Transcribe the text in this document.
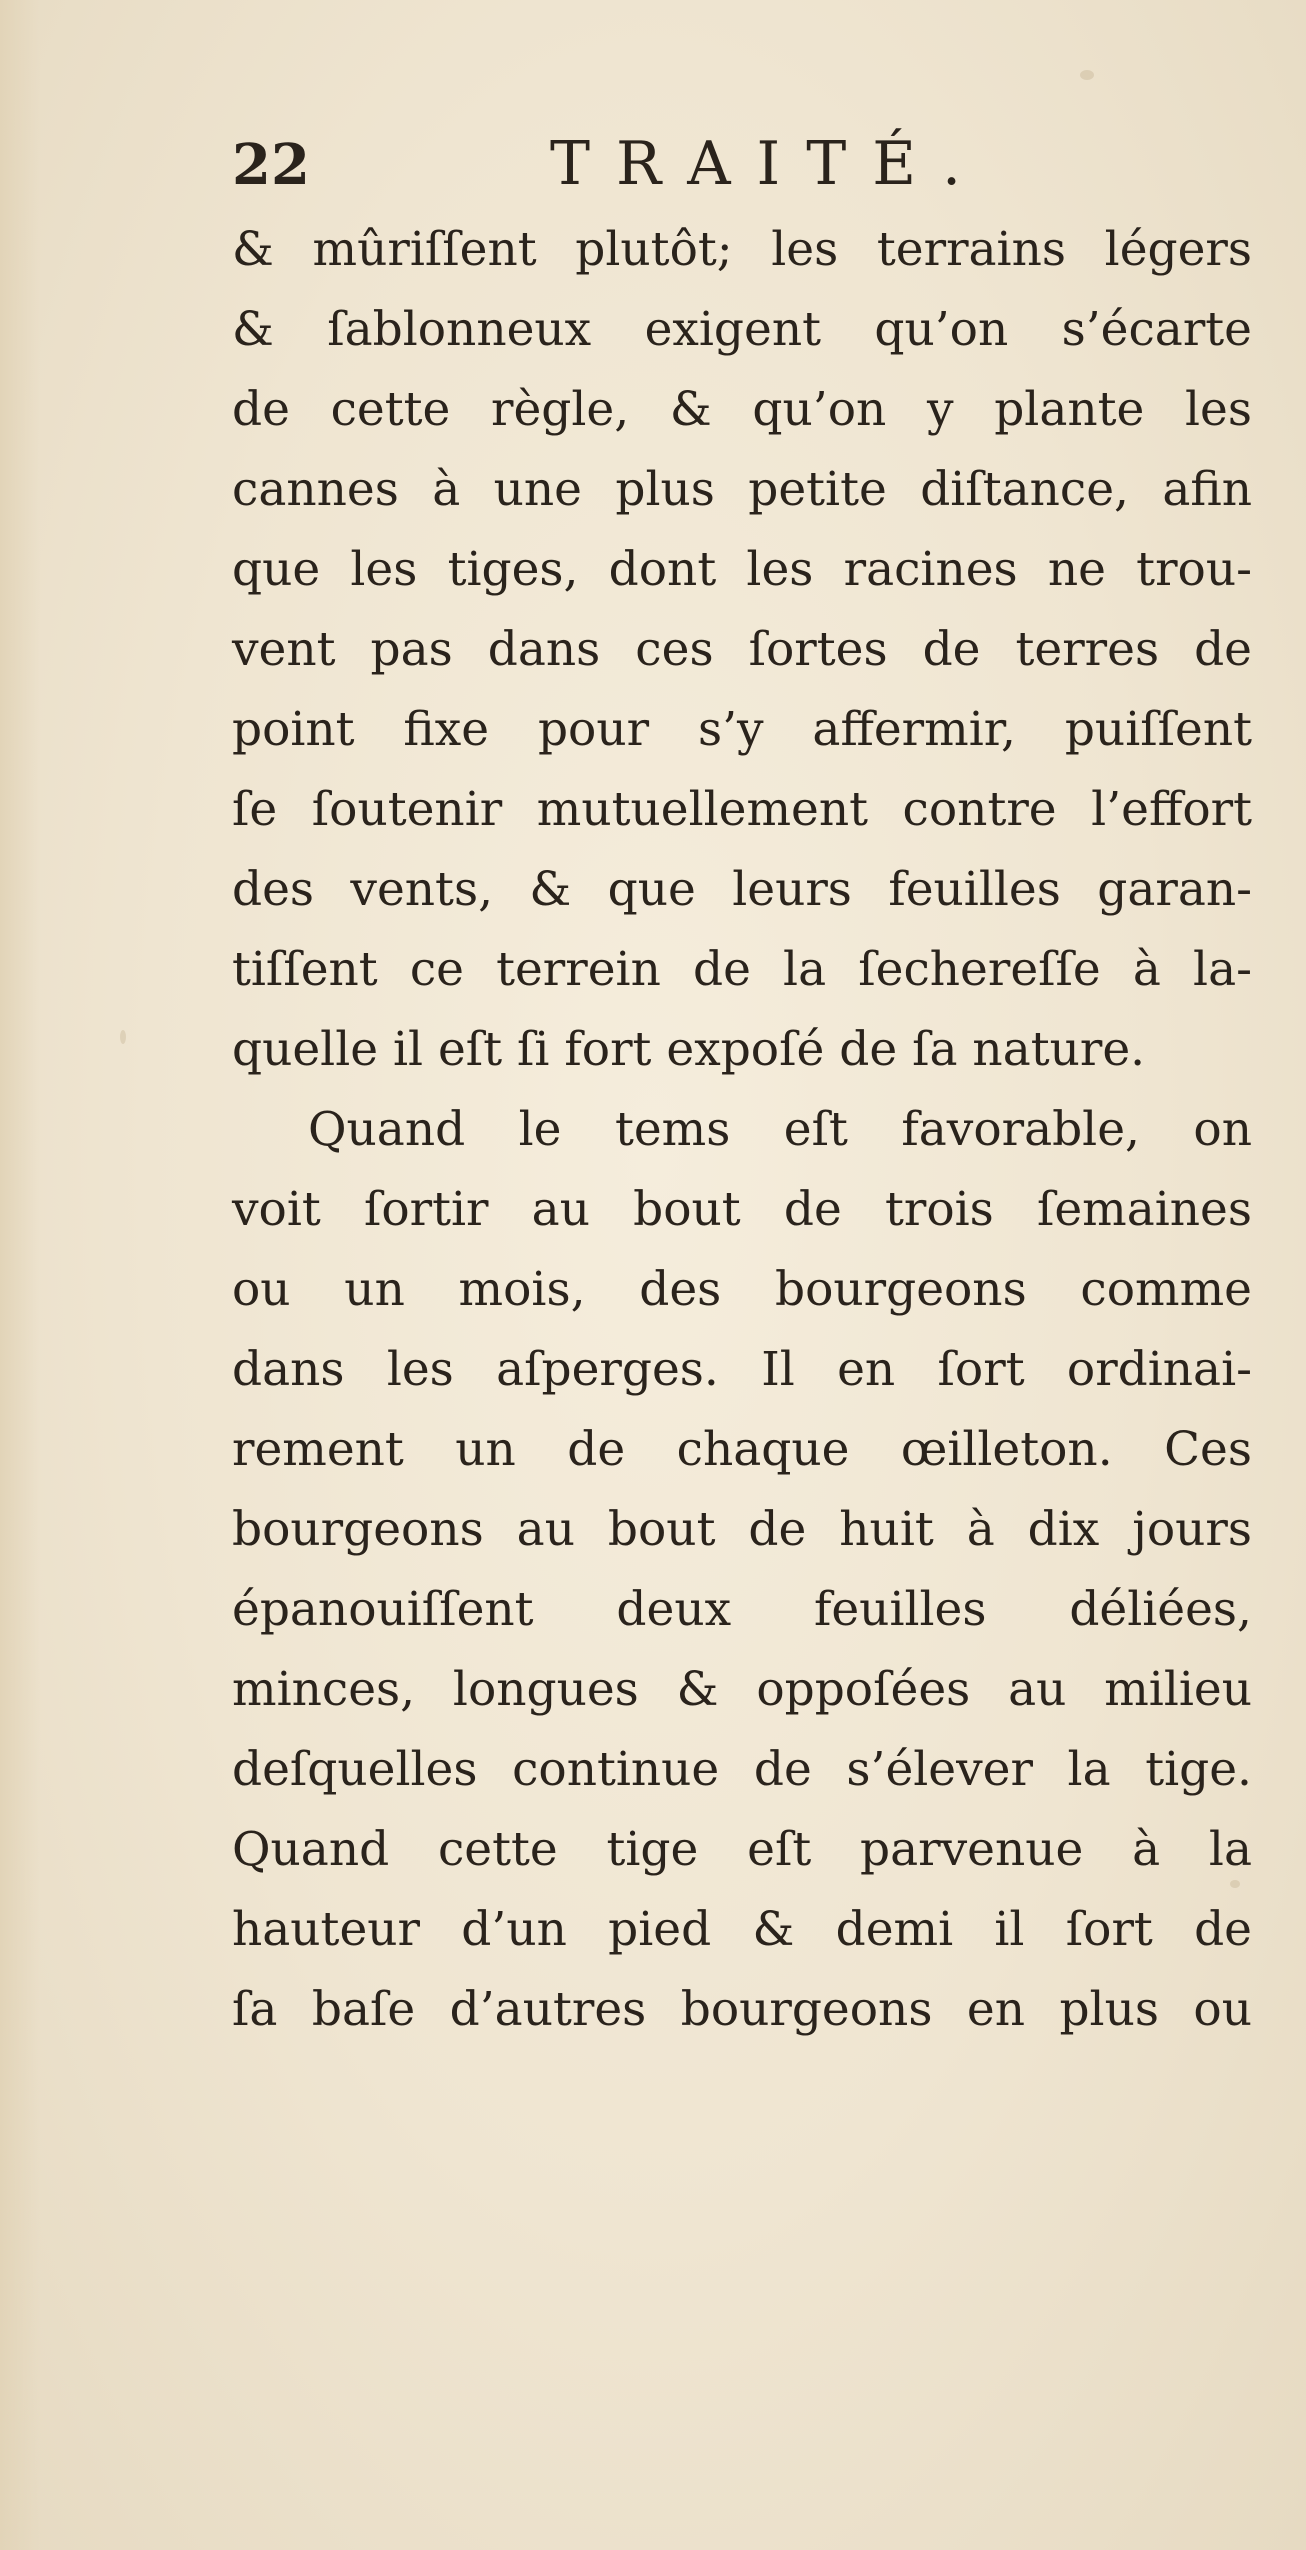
22	TRAITÉ.
& mûriſſent plutôt; les terrains légers
& ſablonneux exigent qu’on s’écarte
de cette règle, & qu’on y plante les
cannes à une plus petite diſtance, afin
que les tiges, dont les racines ne trou-
vent pas dans ces ſortes de terres de
point fixe pour s’y affermir, puiſſent
ſe ſoutenir mutuellement contre l’effort
des vents, & que leurs feuilles garan-
tiſſent ce terrein de la ſechereſſe à la-
quelle il eſt ſi fort expoſé de ſa nature.
Quand le tems eſt favorable, on
voit ſortir au bout de trois ſemaines
ou un mois, des bourgeons comme
dans les aſperges. Il en ſort ordinai-
rement un de chaque œilleton. Ces
bourgeons au bout de huit à dix jours
épanouiſſent deux feuilles déliées,
minces, longues & oppoſées au milieu
deſquelles continue de s’élever la tige.
Quand cette tige eſt parvenue à la
hauteur d’un pied & demi il ſort de
ſa baſe d’autres bourgeons en plus ou
